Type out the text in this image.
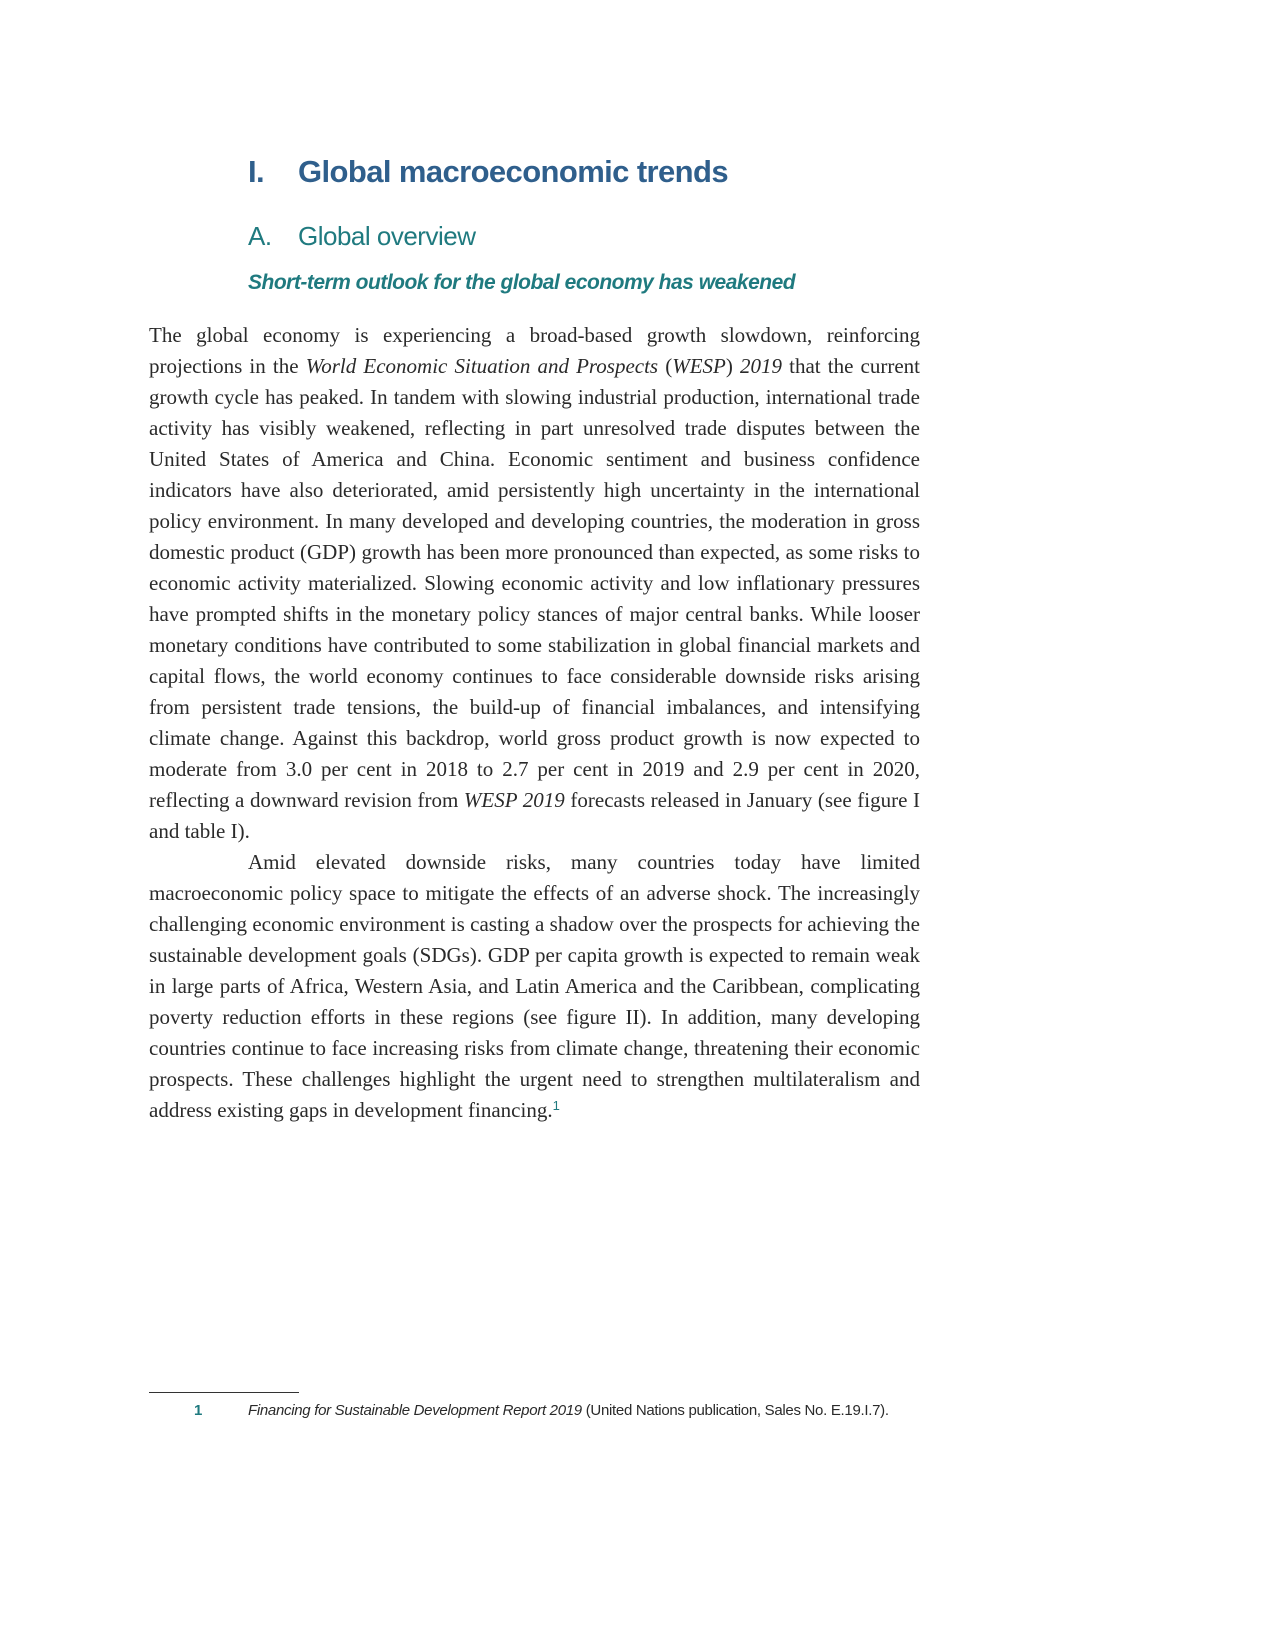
I. Global macroeconomic trends
A. Global overview
Short-term outlook for the global economy has weakened

The global economy is experiencing a broad-based growth slowdown, reinforcing projections in the World Economic Situation and Prospects (WESP) 2019 that the current growth cycle has peaked. In tandem with slowing industrial production, international trade activity has visibly weakened, reflecting in part unresolved trade disputes between the United States of America and China. Economic sentiment and business confidence indicators have also deteriorated, amid persistently high uncertainty in the international policy environment. In many developed and developing countries, the moderation in gross domestic product (GDP) growth has been more pronounced than expected, as some risks to economic activity materialized. Slowing economic activity and low inflationary pressures have prompted shifts in the monetary policy stances of major central banks. While looser monetary conditions have contributed to some stabilization in global financial markets and capital flows, the world economy continues to face considerable downside risks arising from persistent trade tensions, the build-up of financial imbalances, and intensifying climate change. Against this backdrop, world gross product growth is now expected to moderate from 3.0 per cent in 2018 to 2.7 per cent in 2019 and 2.9 per cent in 2020, reflecting a downward revision from WESP 2019 forecasts released in January (see figure I and table I).

Amid elevated downside risks, many countries today have limited macroeconomic policy space to mitigate the effects of an adverse shock. The increasingly challenging economic environment is casting a shadow over the prospects for achieving the sustainable development goals (SDGs). GDP per capita growth is expected to remain weak in large parts of Africa, Western Asia, and Latin America and the Caribbean, complicating poverty reduction efforts in these regions (see figure II). In addition, many developing countries continue to face increasing risks from climate change, threatening their economic prospects. These challenges highlight the urgent need to strengthen multilateralism and address existing gaps in development financing.$^1$

1	Financing for Sustainable Development Report 2019 (United Nations publication, Sales No. E.19.I.7).
